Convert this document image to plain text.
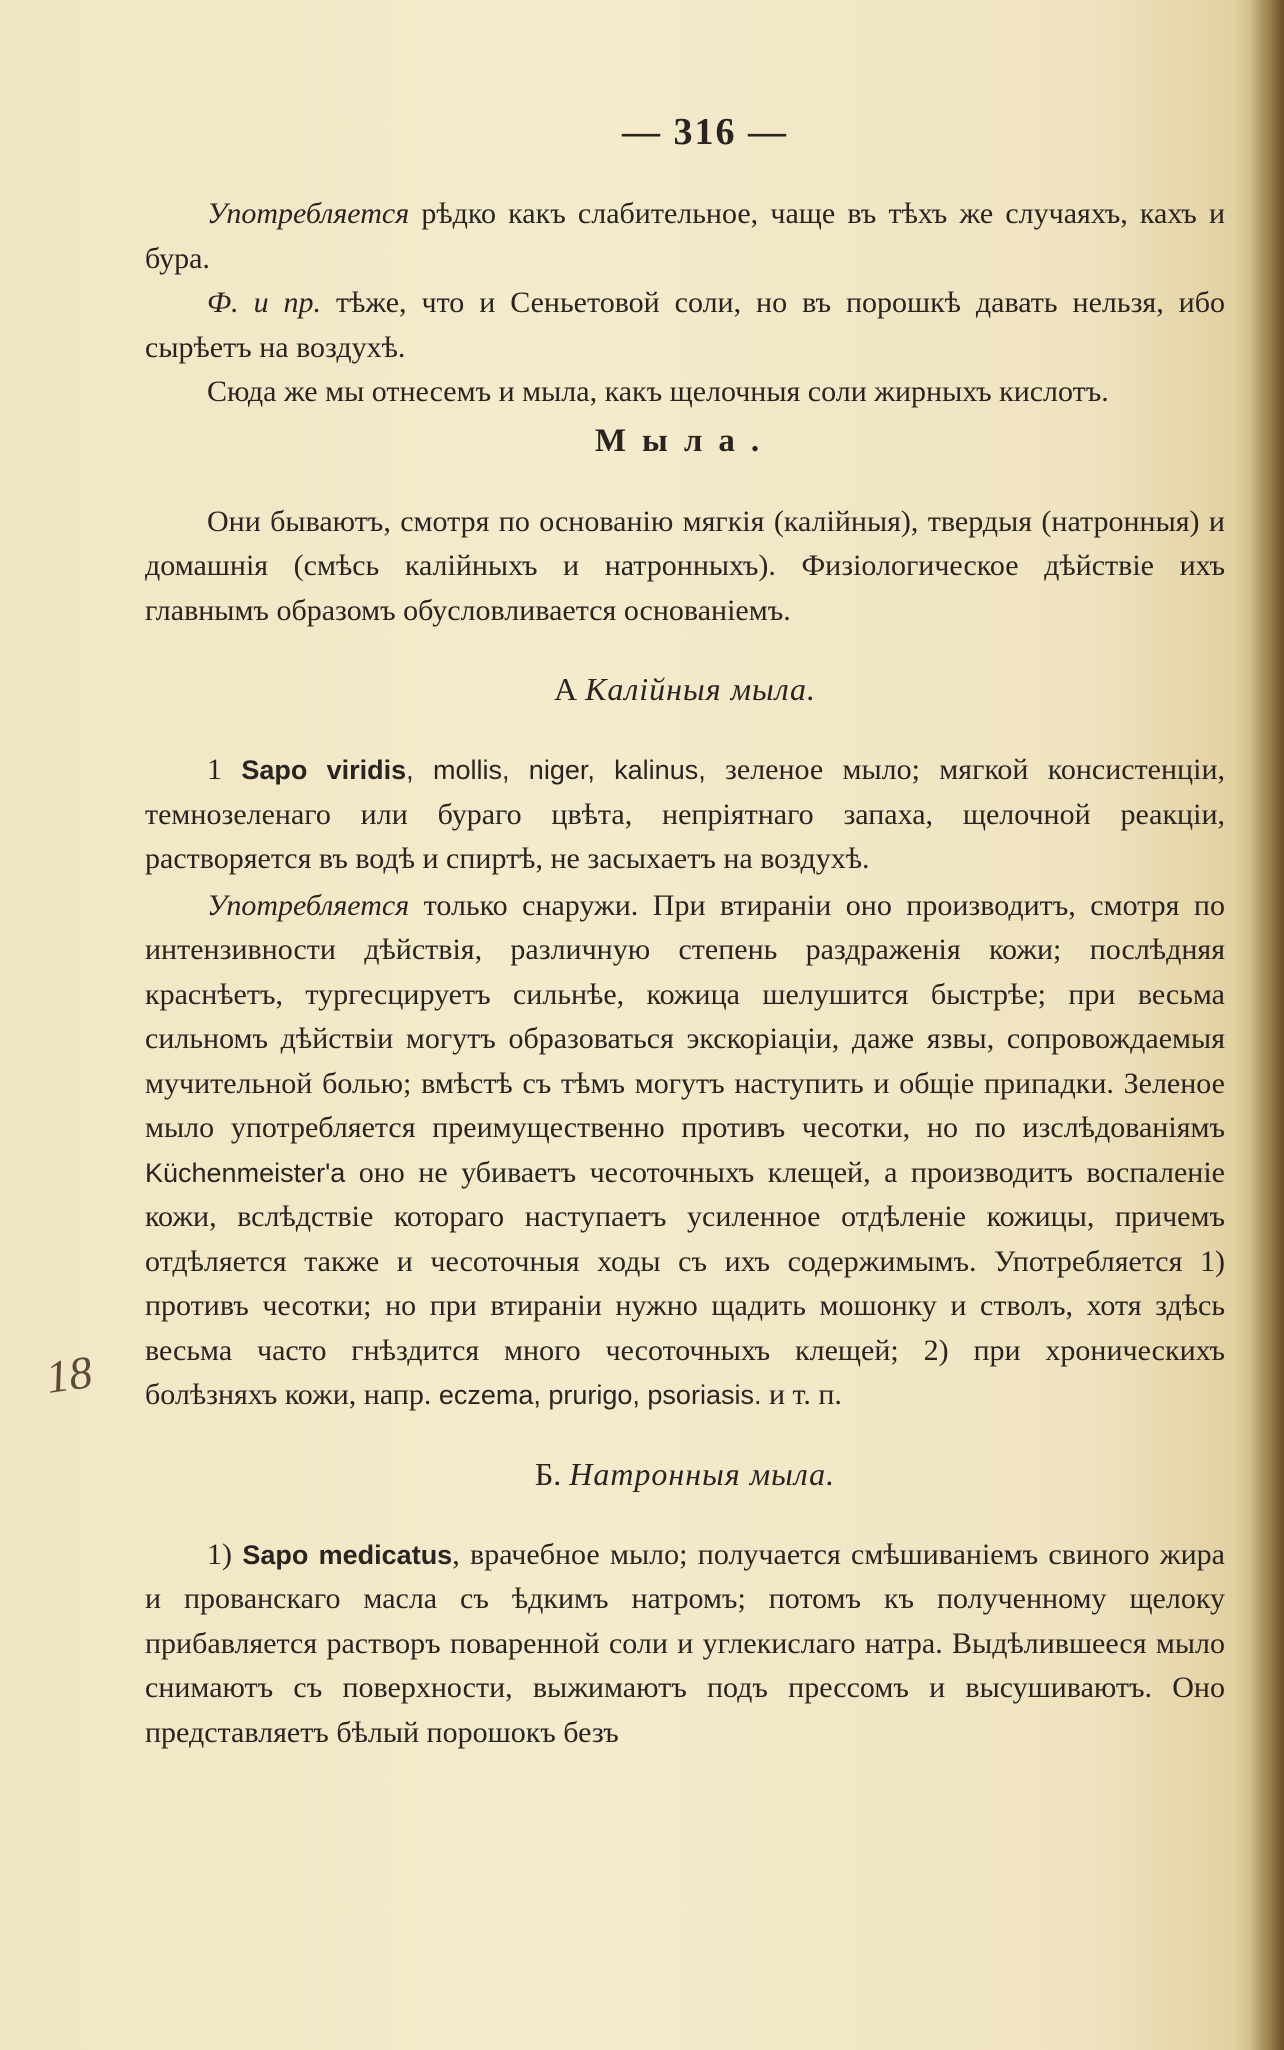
18
— 316 —

Употребляется рѣдко какъ слабительное, чаще въ тѣхъ же случаяхъ, кахъ и бура.

Ф. и пр. тѣже, что и Сеньетовой соли, но въ порошкѣ давать нельзя, ибо сырѣетъ на воздухѣ.

Сюда же мы отнесемъ и мыла, какъ щелочныя соли жирныхъ кислотъ.

Мыла.

Они бываютъ, смотря по основанію мягкія (калійныя), твердыя (натронныя) и домашнія (смѣсь калійныхъ и натронныхъ). Физіологическое дѣйствіе ихъ главнымъ образомъ обусловливается основаніемъ.

А Калійныя мыла.

1 Sapo viridis, mollis, niger, kalinus, зеленое мыло; мягкой консистенціи, темнозеленаго или бураго цвѣта, непріятнаго запаха, щелочной реакціи, растворяется въ водѣ и спиртѣ, не засыхаетъ на воздухѣ.

Употребляется только снаружи. При втираніи оно производитъ, смотря по интензивности дѣйствія, различную степень раздраженія кожи; послѣдняя краснѣетъ, тургесцируетъ сильнѣе, кожица шелушится быстрѣе; при весьма сильномъ дѣйствіи могутъ образоваться экскоріаціи, даже язвы, сопровождаемыя мучительной болью; вмѣстѣ съ тѣмъ могутъ наступить и общіе припадки. Зеленое мыло употребляется преимущественно противъ чесотки, но по изслѣдованіямъ Küchenmeister'a оно не убиваетъ чесоточныхъ клещей, а производитъ воспаленіе кожи, вслѣдствіе котораго наступаетъ усиленное отдѣленіе кожицы, причемъ отдѣляется также и чесоточныя ходы съ ихъ содержимымъ. Употребляется 1) противъ чесотки; но при втираніи нужно щадить мошонку и стволъ, хотя здѣсь весьма часто гнѣздится много чесоточныхъ клещей; 2) при хроническихъ болѣзняхъ кожи, напр. eczema, prurigo, psoriasis. и т. п.

Б. Натронныя мыла.

1) Sapo medicatus, врачебное мыло; получается смѣшиваніемъ свиного жира и прованскаго масла съ ѣдкимъ натромъ; потомъ къ полученному щелоку прибавляется растворъ поваренной соли и углекислаго натра. Выдѣлившееся мыло снимаютъ съ поверхности, выжимаютъ подъ прессомъ и высушиваютъ. Оно представляетъ бѣлый порошокъ безъ
